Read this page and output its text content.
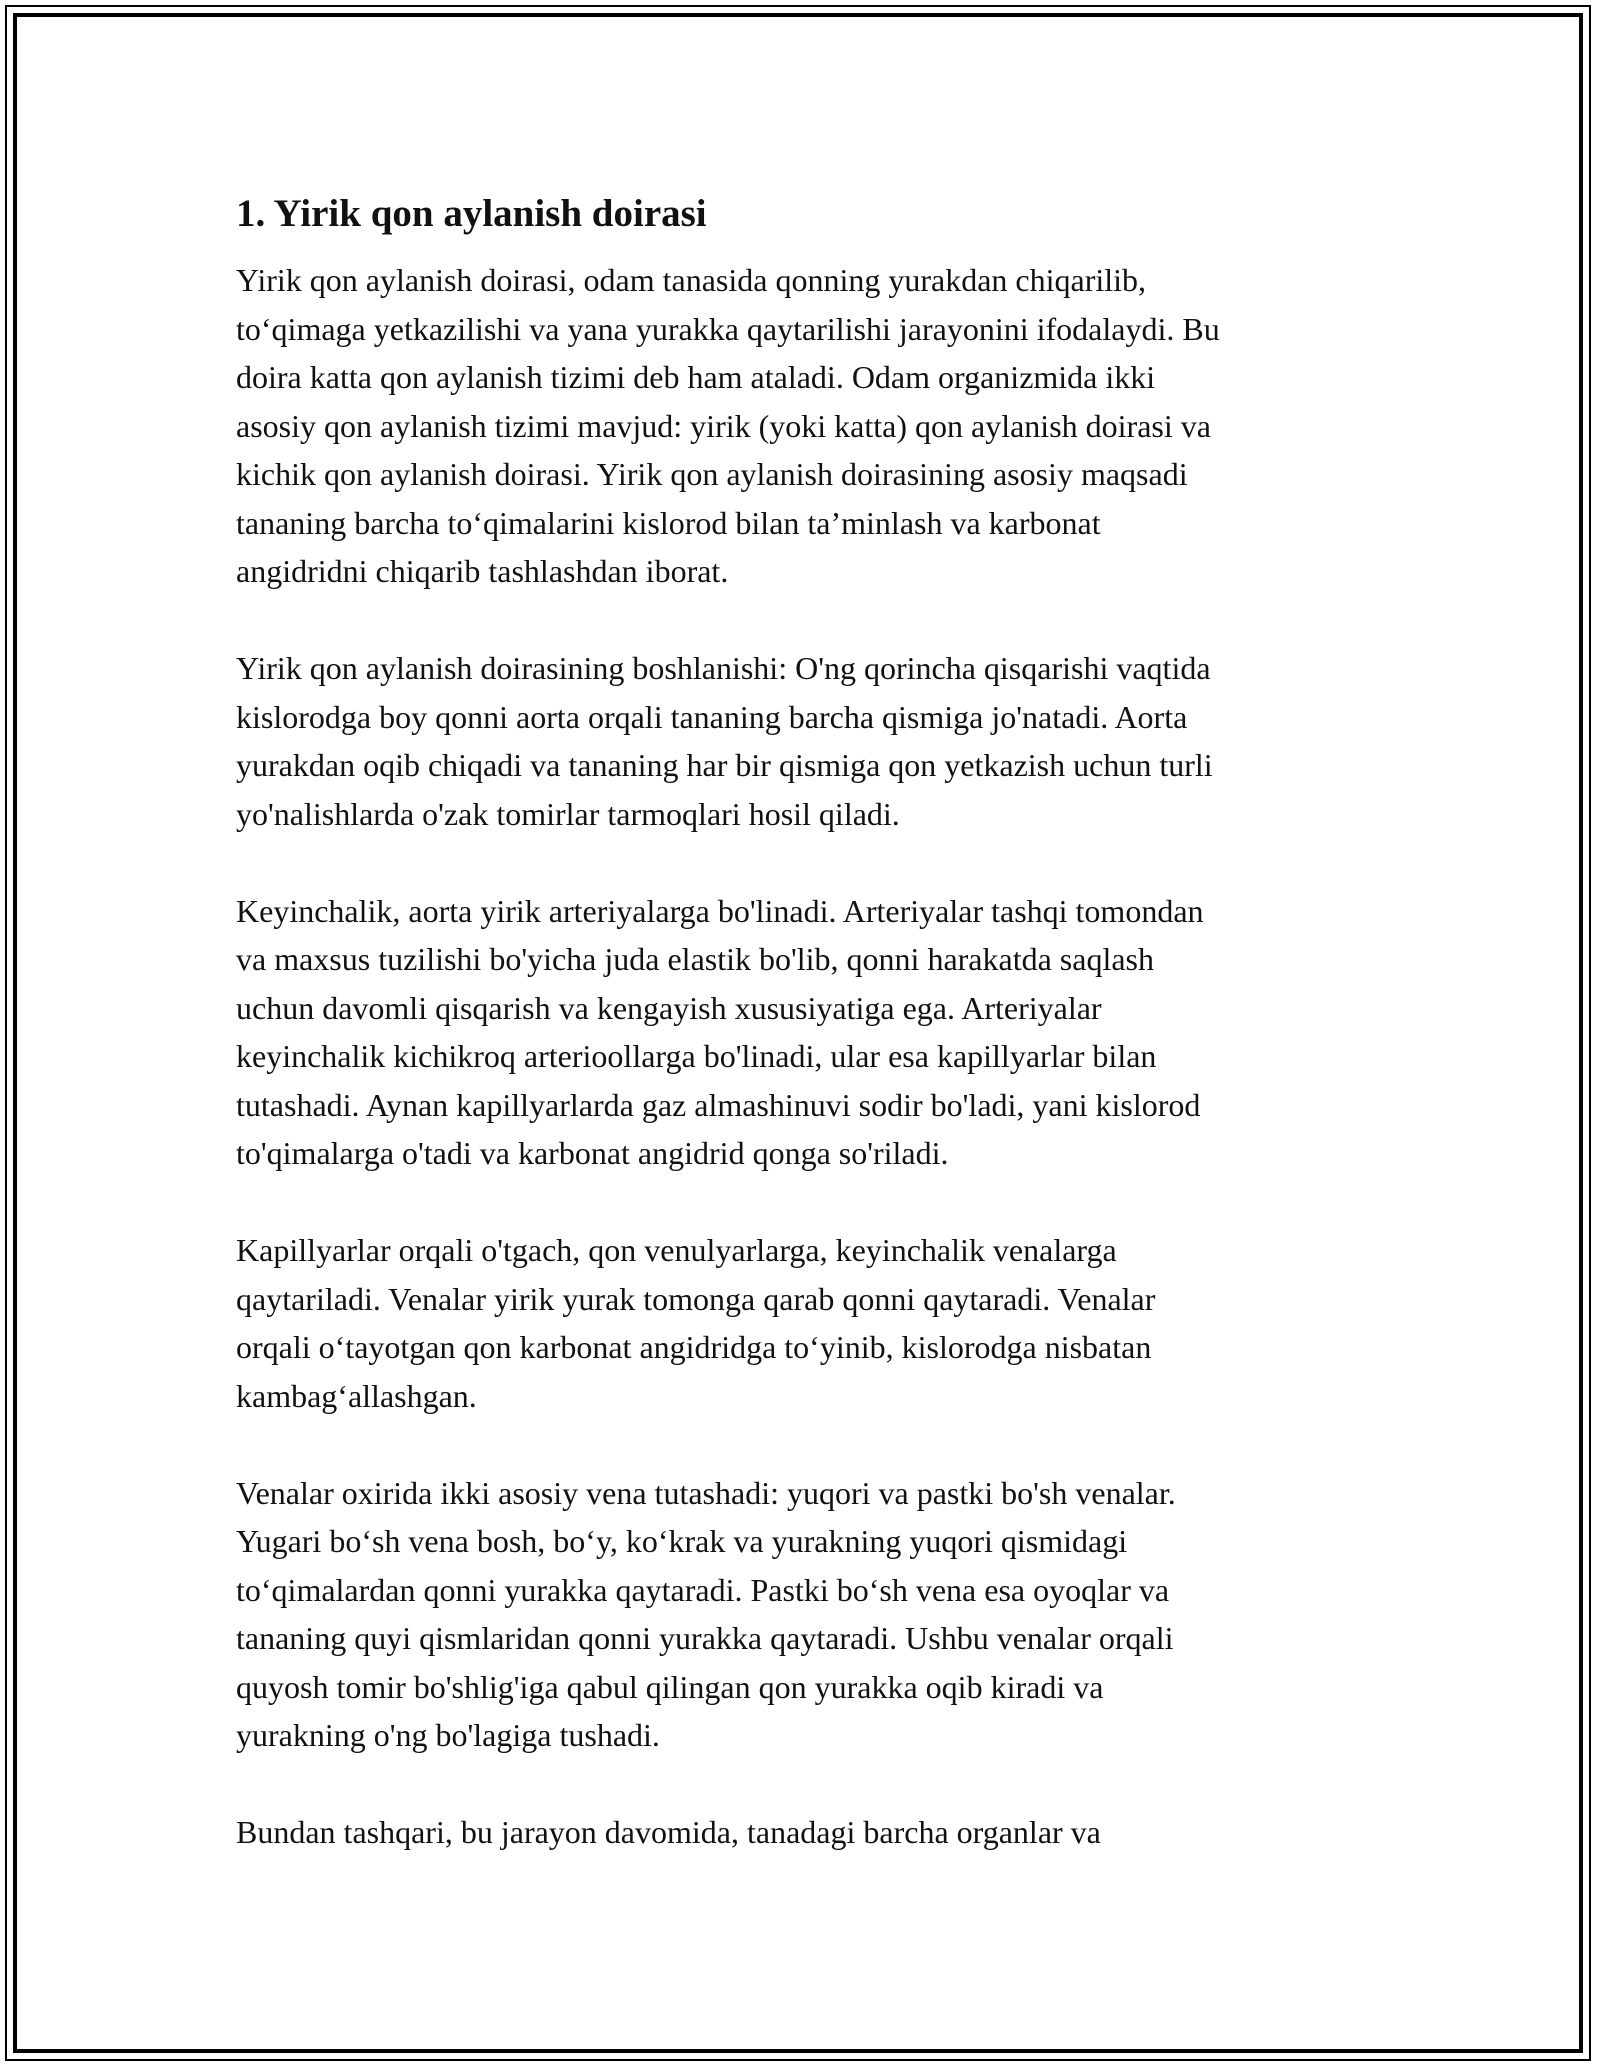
1. Yirik qon aylanish doirasi

Yirik qon aylanish doirasi, odam tanasida qonning yurakdan chiqarilib,
to‘qimaga yetkazilishi va yana yurakka qaytarilishi jarayonini ifodalaydi. Bu
doira katta qon aylanish tizimi deb ham ataladi. Odam organizmida ikki
asosiy qon aylanish tizimi mavjud: yirik (yoki katta) qon aylanish doirasi va
kichik qon aylanish doirasi. Yirik qon aylanish doirasining asosiy maqsadi
tananing barcha to‘qimalarini kislorod bilan ta’minlash va karbonat
angidridni chiqarib tashlashdan iborat.

Yirik qon aylanish doirasining boshlanishi: O'ng qorincha qisqarishi vaqtida
kislorodga boy qonni aorta orqali tananing barcha qismiga jo'natadi. Aorta
yurakdan oqib chiqadi va tananing har bir qismiga qon yetkazish uchun turli
yo'nalishlarda o'zak tomirlar tarmoqlari hosil qiladi.

Keyinchalik, aorta yirik arteriyalarga bo'linadi. Arteriyalar tashqi tomondan
va maxsus tuzilishi bo'yicha juda elastik bo'lib, qonni harakatda saqlash
uchun davomli qisqarish va kengayish xususiyatiga ega. Arteriyalar
keyinchalik kichikroq arterioollarga bo'linadi, ular esa kapillyarlar bilan
tutashadi. Aynan kapillyarlarda gaz almashinuvi sodir bo'ladi, yani kislorod
to'qimalarga o'tadi va karbonat angidrid qonga so'riladi.

Kapillyarlar orqali o'tgach, qon venulyarlarga, keyinchalik venalarga
qaytariladi. Venalar yirik yurak tomonga qarab qonni qaytaradi. Venalar
orqali o‘tayotgan qon karbonat angidridga to‘yinib, kislorodga nisbatan
kambag‘allashgan.

Venalar oxirida ikki asosiy vena tutashadi: yuqori va pastki bo'sh venalar.
Yugari bo‘sh vena bosh, bo‘y, ko‘krak va yurakning yuqori qismidagi
to‘qimalardan qonni yurakka qaytaradi. Pastki bo‘sh vena esa oyoqlar va
tananing quyi qismlaridan qonni yurakka qaytaradi. Ushbu venalar orqali
quyosh tomir bo'shlig'iga qabul qilingan qon yurakka oqib kiradi va
yurakning o'ng bo'lagiga tushadi.

Bundan tashqari, bu jarayon davomida, tanadagi barcha organlar va
